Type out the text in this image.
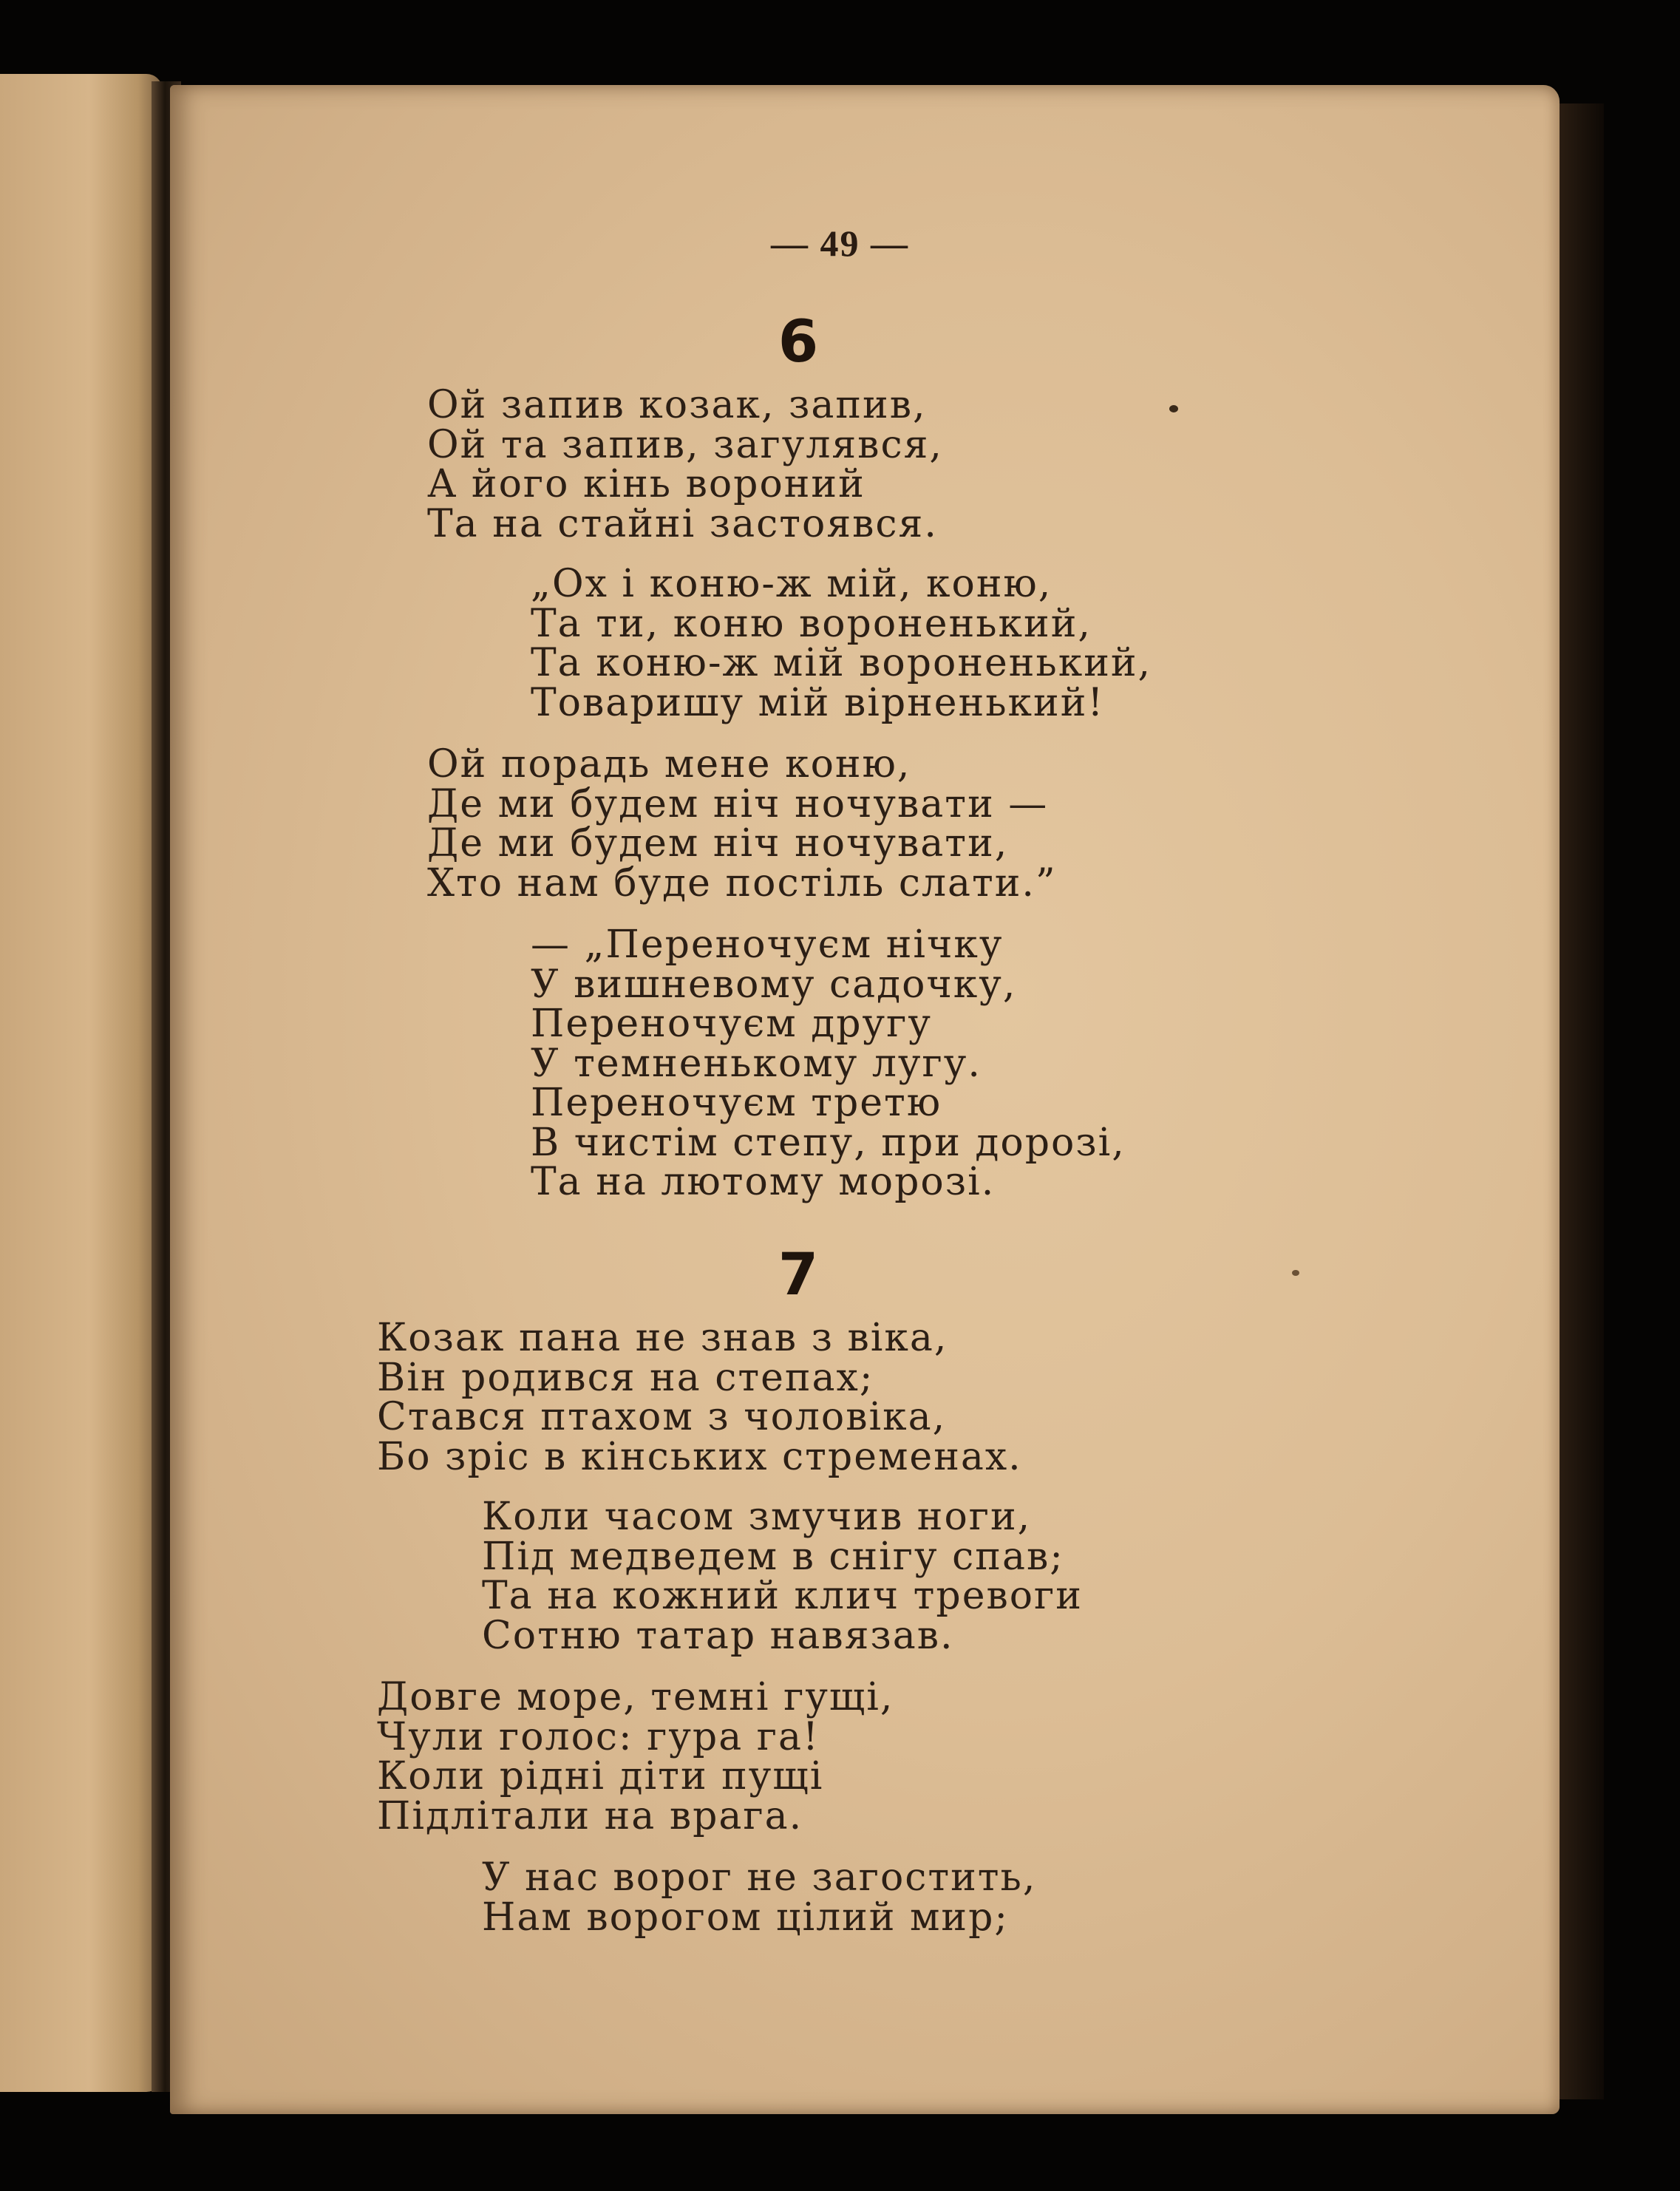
— 49 —
6
Ой запив козак, запив,
Ой та запив, загулявся,
А його кінь вороний
Та на стайні застоявся.
„Ох і коню-ж мій, коню,
Та ти, коню вороненький,
Та коню-ж мій вороненький,
Товаришу мій вірненький!
Ой порадь мене коню,
Де ми будем ніч ночувати —
Де ми будем ніч ночувати,
Хто нам буде постіль слати.”
— „Переночуєм нічку
У вишневому садочку,
Переночуєм другу
У темненькому лугу.
Переночуєм третю
В чистім степу, при дорозі,
Та на лютому морозі.
7
Козак пана не знав з віка,
Він родився на степах;
Стався птахом з чоловіка,
Бо зріс в кінських стременах.
Коли часом змучив ноги,
Під медведем в снігу спав;
Та на кожний клич тревоги
Сотню татар навязав.
Довге море, темні гущі,
Чули голос: гура га!
Коли рідні діти пущі
Підлітали на врага.
У нас ворог не загостить,
Нам ворогом цілий мир;
